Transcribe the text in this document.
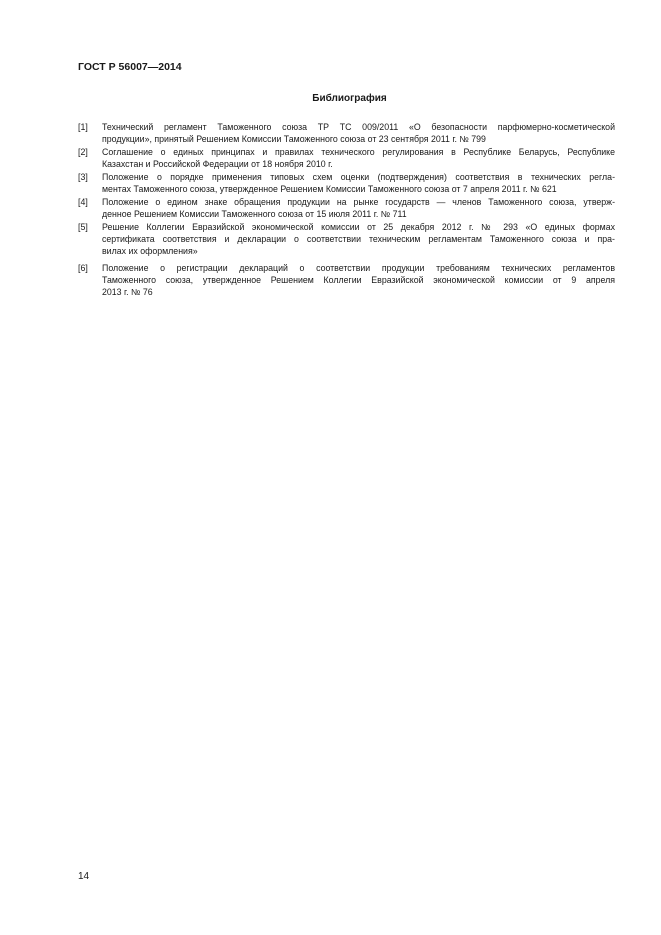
ГОСТ Р 56007—2014
Библиография
[1] Технический регламент Таможенного союза ТР ТС 009/2011 «О безопасности парфюмерно-косметической
продукции», принятый Решением Комиссии Таможенного союза от 23 сентября 2011 г. № 799
[2] Соглашение о единых принципах и правилах технического регулирования в Республике Беларусь, Республике
Казахстан и Российской Федерации от 18 ноября 2010 г.
[3] Положение о порядке применения типовых схем оценки (подтверждения) соответствия в технических регла-
ментах Таможенного союза, утвержденное Решением Комиссии Таможенного союза от 7 апреля 2011 г. № 621
[4] Положение о едином знаке обращения продукции на рынке государств — членов Таможенного союза, утверж-
денное Решением Комиссии Таможенного союза от 15 июля 2011 г. № 711
[5] Решение Коллегии Евразийской экономической комиссии от 25 декабря 2012 г. № 293 «О единых формах
сертификата соответствия и декларации о соответствии техническим регламентам Таможенного союза и пра-
вилах их оформления»
[6] Положение о регистрации деклараций о соответствии продукции требованиям технических регламентов
Таможенного союза, утвержденное Решением Коллегии Евразийской экономической комиссии от 9 апреля
2013 г. № 76
14
